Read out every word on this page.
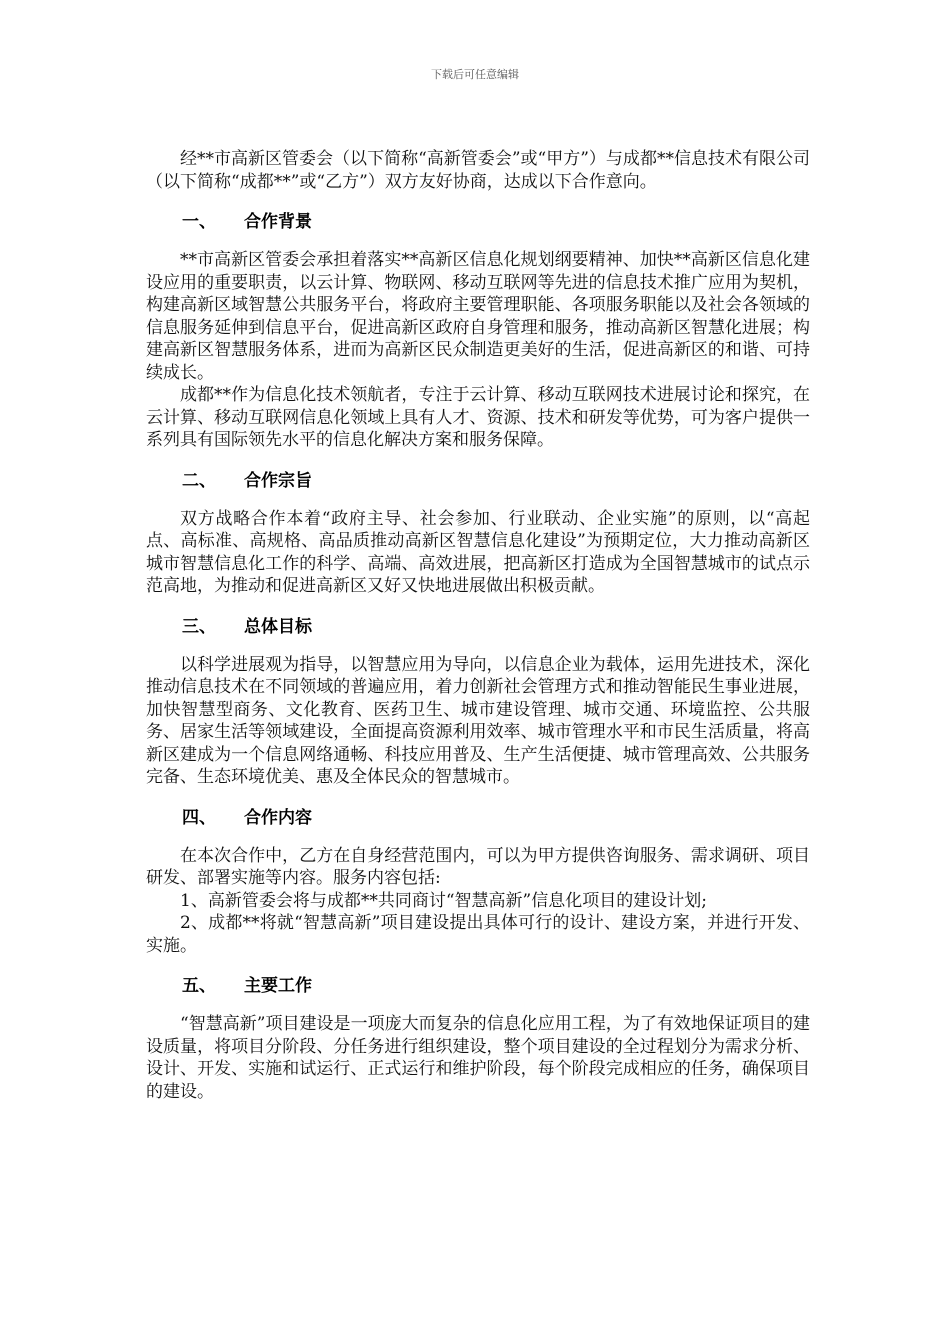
下载后可任意编辑

经**市高新区管委会（以下简称“高新管委会”或“甲方”）与成都**信息技术有限公司（以下简称“成都**”或“乙方”）双方友好协商，达成以下合作意向。

一、 合作背景

**市高新区管委会承担着落实**高新区信息化规划纲要精神、加快**高新区信息化建设应用的重要职责，以云计算、物联网、移动互联网等先进的信息技术推广应用为契机，构建高新区域智慧公共服务平台，将政府主要管理职能、各项服务职能以及社会各领域的信息服务延伸到信息平台，促进高新区政府自身管理和服务，推动高新区智慧化进展；构建高新区智慧服务体系，进而为高新区民众制造更美好的生活，促进高新区的和谐、可持续成长。

成都**作为信息化技术领航者，专注于云计算、移动互联网技术进展讨论和探究，在云计算、移动互联网信息化领域上具有人才、资源、技术和研发等优势，可为客户提供一系列具有国际领先水平的信息化解决方案和服务保障。

二、 合作宗旨

双方战略合作本着“政府主导、社会参加、行业联动、企业实施”的原则，以“高起点、高标准、高规格、高品质推动高新区智慧信息化建设”为预期定位，大力推动高新区城市智慧信息化工作的科学、高端、高效进展，把高新区打造成为全国智慧城市的试点示范高地，为推动和促进高新区又好又快地进展做出积极贡献。

三、 总体目标

以科学进展观为指导，以智慧应用为导向，以信息企业为载体，运用先进技术，深化推动信息技术在不同领域的普遍应用，着力创新社会管理方式和推动智能民生事业进展，加快智慧型商务、文化教育、医药卫生、城市建设管理、城市交通、环境监控、公共服务、居家生活等领域建设，全面提高资源利用效率、城市管理水平和市民生活质量，将高新区建成为一个信息网络通畅、科技应用普及、生产生活便捷、城市管理高效、公共服务完备、生态环境优美、惠及全体民众的智慧城市。

四、 合作内容

在本次合作中，乙方在自身经营范围内，可以为甲方提供咨询服务、需求调研、项目研发、部署实施等内容。服务内容包括:

1、高新管委会将与成都**共同商讨“智慧高新”信息化项目的建设计划;

2、成都**将就“智慧高新”项目建设提出具体可行的设计、建设方案，并进行开发、实施。

五、 主要工作

“智慧高新”项目建设是一项庞大而复杂的信息化应用工程，为了有效地保证项目的建设质量，将项目分阶段、分任务进行组织建设，整个项目建设的全过程划分为需求分析、设计、开发、实施和试运行、正式运行和维护阶段，每个阶段完成相应的任务，确保项目的建设。
